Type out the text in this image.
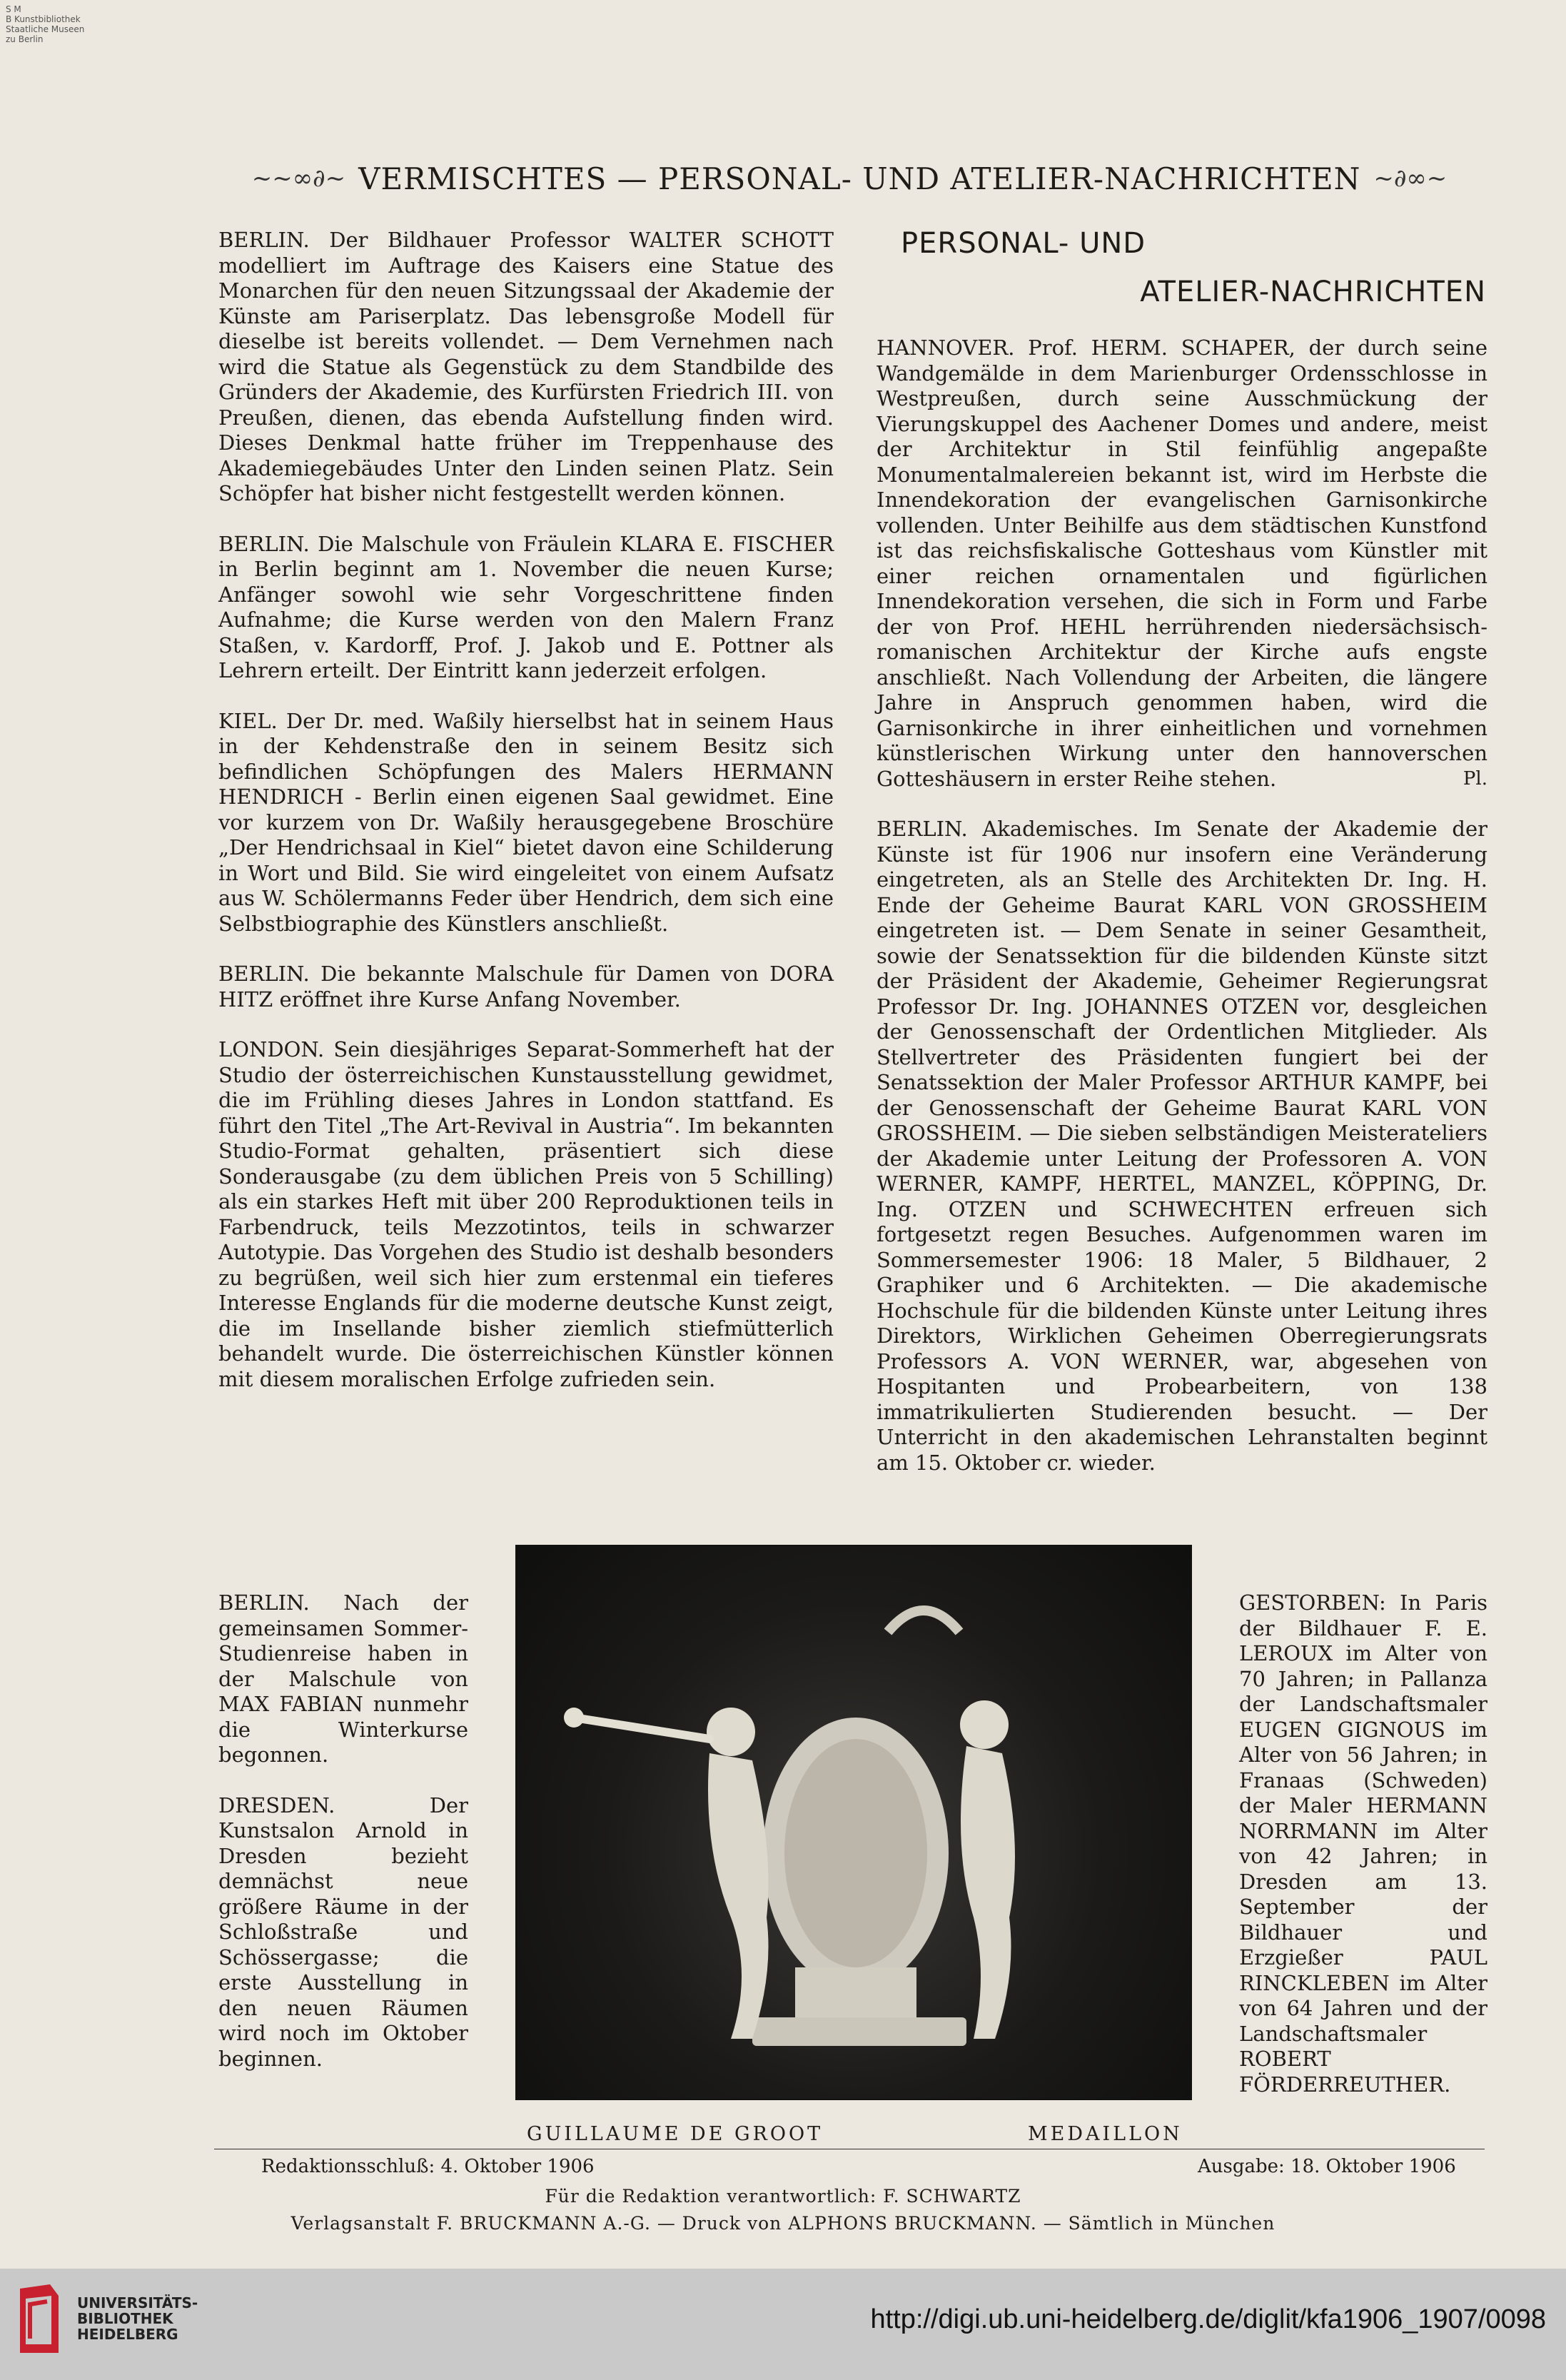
S M
B Kunstbibliothek
Staatliche Museen
zu Berlin
~~∞∂~ VERMISCHTES — PERSONAL- UND ATELIER-NACHRICHTEN ~∂∞~

BERLIN. Der Bildhauer Professor WALTER SCHOTT modelliert im Auftrage des Kaisers eine Statue des Monarchen für den neuen Sitzungssaal der Akademie der Künste am Pariserplatz. Das lebensgroße Modell für dieselbe ist bereits vollendet. — Dem Vernehmen nach wird die Statue als Gegenstück zu dem Standbilde des Gründers der Akademie, des Kurfürsten Friedrich III. von Preußen, dienen, das ebenda Aufstellung finden wird. Dieses Denkmal hatte früher im Treppenhause des Akademiegebäudes Unter den Linden seinen Platz. Sein Schöpfer hat bisher nicht festgestellt werden können.

BERLIN. Die Malschule von Fräulein KLARA E. FISCHER in Berlin beginnt am 1. November die neuen Kurse; Anfänger sowohl wie sehr Vorgeschrittene finden Aufnahme; die Kurse werden von den Malern Franz Staßen, v. Kardorff, Prof. J. Jakob und E. Pottner als Lehrern erteilt. Der Eintritt kann jederzeit erfolgen.

KIEL. Der Dr. med. Waßily hierselbst hat in seinem Haus in der Kehdenstraße den in seinem Besitz sich befindlichen Schöpfungen des Malers HERMANN HENDRICH - Berlin einen eigenen Saal gewidmet. Eine vor kurzem von Dr. Waßily herausgegebene Broschüre „Der Hendrichsaal in Kiel“ bietet davon eine Schilderung in Wort und Bild. Sie wird eingeleitet von einem Aufsatz aus W. Schölermanns Feder über Hendrich, dem sich eine Selbstbiographie des Künstlers anschließt.

BERLIN. Die bekannte Malschule für Damen von DORA HITZ eröffnet ihre Kurse Anfang November.

LONDON. Sein diesjähriges Separat-Sommerheft hat der Studio der österreichischen Kunstausstellung gewidmet, die im Frühling dieses Jahres in London stattfand. Es führt den Titel „The Art-Revival in Austria“. Im bekannten Studio-Format gehalten, präsentiert sich diese Sonderausgabe (zu dem üblichen Preis von 5 Schilling) als ein starkes Heft mit über 200 Reproduktionen teils in Farbendruck, teils Mezzotintos, teils in schwarzer Autotypie. Das Vorgehen des Studio ist deshalb besonders zu begrüßen, weil sich hier zum erstenmal ein tieferes Interesse Englands für die moderne deutsche Kunst zeigt, die im Insellande bisher ziemlich stiefmütterlich behandelt wurde. Die österreichischen Künstler können mit diesem moralischen Erfolge zufrieden sein.

BERLIN. Nach der gemeinsamen Sommer-Studienreise haben in der Malschule von MAX FABIAN nunmehr die Winterkurse begonnen.

DRESDEN. Der Kunstsalon Arnold in Dresden bezieht demnächst neue größere Räume in der Schloßstraße und Schössergasse; die erste Ausstellung in den neuen Räumen wird noch im Oktober beginnen.

PERSONAL- UND
ATELIER-NACHRICHTEN

HANNOVER. Prof. HERM. SCHAPER, der durch seine Wandgemälde in dem Marienburger Ordensschlosse in Westpreußen, durch seine Ausschmückung der Vierungskuppel des Aachener Domes und andere, meist der Architektur in Stil feinfühlig angepaßte Monumentalmalereien bekannt ist, wird im Herbste die Innendekoration der evangelischen Garnisonkirche vollenden. Unter Beihilfe aus dem städtischen Kunstfond ist das reichsfiskalische Gotteshaus vom Künstler mit einer reichen ornamentalen und figürlichen Innendekoration versehen, die sich in Form und Farbe der von Prof. HEHL herrührenden niedersächsisch-romanischen Architektur der Kirche aufs engste anschließt. Nach Vollendung der Arbeiten, die längere Jahre in Anspruch genommen haben, wird die Garnisonkirche in ihrer einheitlichen und vornehmen künstlerischen Wirkung unter den hannoverschen Gotteshäusern in erster Reihe stehen.	Pl.

BERLIN. Akademisches. Im Senate der Akademie der Künste ist für 1906 nur insofern eine Veränderung eingetreten, als an Stelle des Architekten Dr. Ing. H. Ende der Geheime Baurat KARL VON GROSSHEIM eingetreten ist. — Dem Senate in seiner Gesamtheit, sowie der Senatssektion für die bildenden Künste sitzt der Präsident der Akademie, Geheimer Regierungsrat Professor Dr. Ing. JOHANNES OTZEN vor, desgleichen der Genossenschaft der Ordentlichen Mitglieder. Als Stellvertreter des Präsidenten fungiert bei der Senatssektion der Maler Professor ARTHUR KAMPF, bei der Genossenschaft der Geheime Baurat KARL VON GROSSHEIM. — Die sieben selbständigen Meisterateliers der Akademie unter Leitung der Professoren A. VON WERNER, KAMPF, HERTEL, MANZEL, KÖPPING, Dr. Ing. OTZEN und SCHWECHTEN erfreuen sich fortgesetzt regen Besuches. Aufgenommen waren im Sommersemester 1906: 18 Maler, 5 Bildhauer, 2 Graphiker und 6 Architekten. — Die akademische Hochschule für die bildenden Künste unter Leitung ihres Direktors, Wirklichen Geheimen Oberregierungsrats Professors A. VON WERNER, war, abgesehen von Hospitanten und Probearbeitern, von 138 immatrikulierten Studierenden besucht. — Der Unterricht in den akademischen Lehranstalten beginnt am 15. Oktober cr. wieder.

GESTORBEN: In Paris der Bildhauer F. E. LEROUX im Alter von 70 Jahren; in Pallanza der Landschaftsmaler EUGEN GIGNOUS im Alter von 56 Jahren; in Franaas (Schweden) der Maler HERMANN NORRMANN im Alter von 42 Jahren; in Dresden am 13. September der Bildhauer und Erzgießer PAUL RINCKLEBEN im Alter von 64 Jahren und der Landschaftsmaler ROBERT FÖRDERREUTHER.

GUILLAUME DE GROOT	MEDAILLON
Redaktionsschluß: 4. Oktober 1906	Ausgabe: 18. Oktober 1906
Für die Redaktion verantwortlich: F. SCHWARTZ
Verlagsanstalt F. BRUCKMANN A.-G. — Druck von ALPHONS BRUCKMANN. — Sämtlich in München
UNIVERSITÄTS-
BIBLIOTHEK
HEIDELBERG	http://digi.ub.uni-heidelberg.de/diglit/kfa1906_1907/0098
